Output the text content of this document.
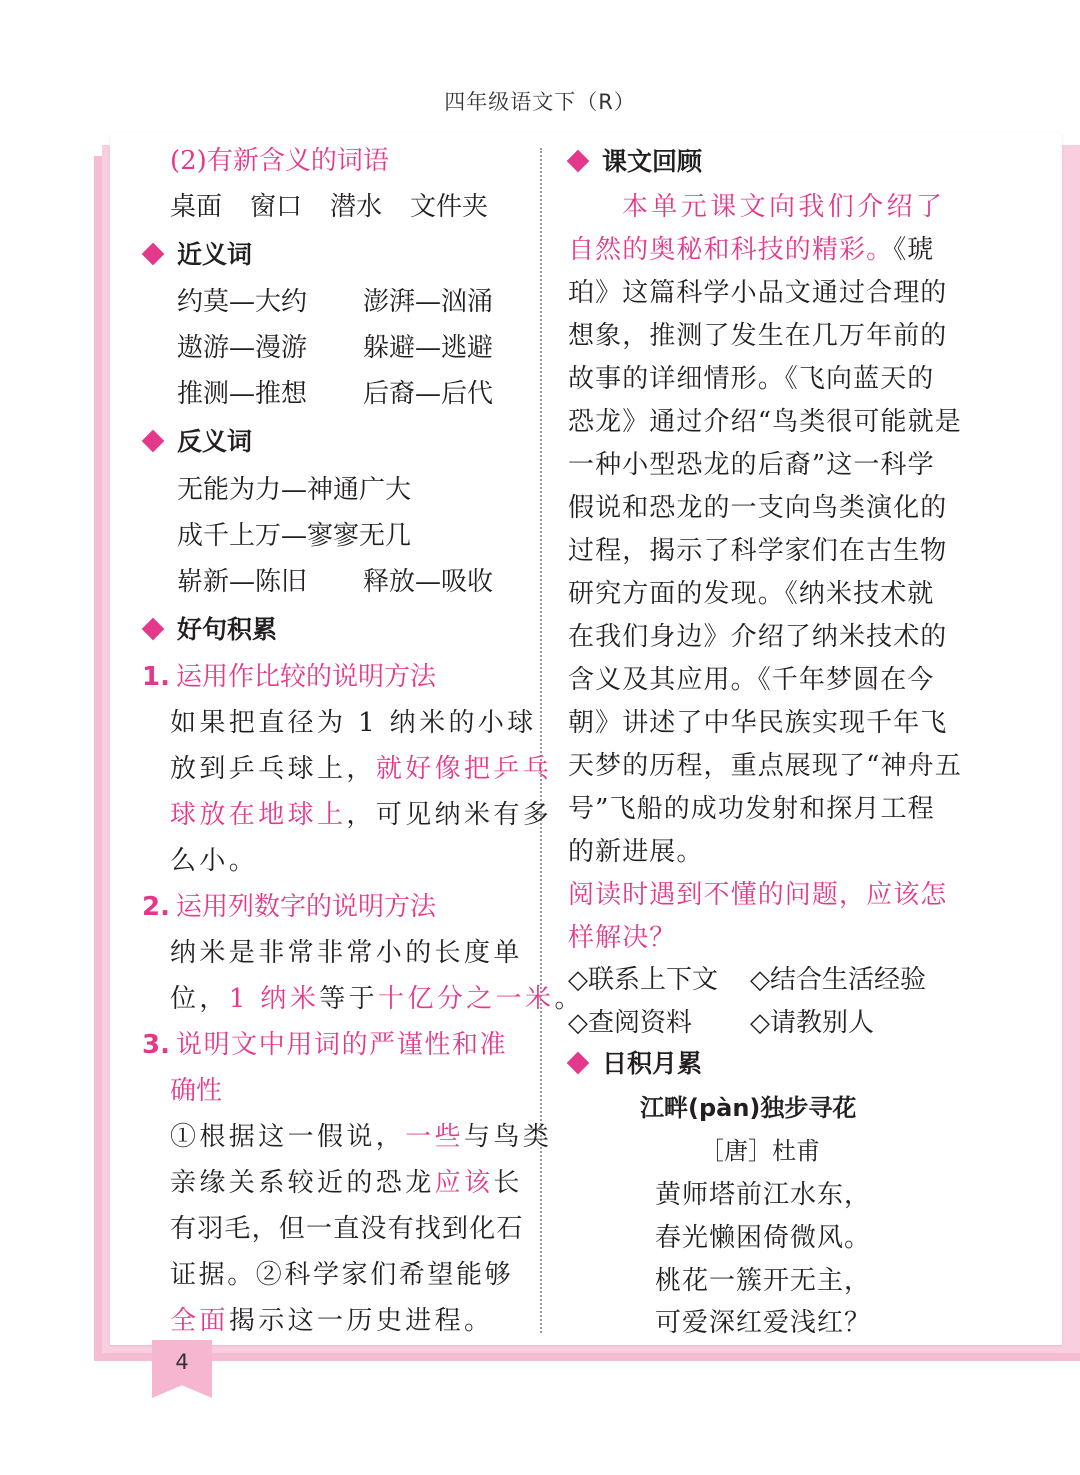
四年级语文下（R）
4
(2)有新含义的词语
桌面 窗口 潜水 文件夹
近义词
约莫—大约 澎湃—汹涌
遨游—漫游 躲避—逃避
推测—推想 后裔—后代
反义词
无能为力—神通广大
成千上万—寥寥无几
崭新—陈旧 释放—吸收
好句积累
1. 运用作比较的说明方法
如果把直径为 1 纳米的小球
放到乒乓球上，就好像把乒乓
球放在地球上，可见纳米有多
么小。
2. 运用列数字的说明方法
纳米是非常非常小的长度单
位，1 纳米等于十亿分之一米。
3. 说明文中用词的严谨性和准
确性
①根据这一假说，一些与鸟类
亲缘关系较近的恐龙应该长
有羽毛，但一直没有找到化石
证据。②科学家们希望能够
全面揭示这一历史进程。
课文回顾
本单元课文向我们介绍了
自然的奥秘和科技的精彩。《琥
珀》这篇科学小品文通过合理的
想象，推测了发生在几万年前的
故事的详细情形。《飞向蓝天的
恐龙》通过介绍“鸟类很可能就是
一种小型恐龙的后裔”这一科学
假说和恐龙的一支向鸟类演化的
过程，揭示了科学家们在古生物
研究方面的发现。《纳米技术就
在我们身边》介绍了纳米技术的
含义及其应用。《千年梦圆在今
朝》讲述了中华民族实现千年飞
天梦的历程，重点展现了“神舟五
号”飞船的成功发射和探月工程
的新进展。
阅读时遇到不懂的问题，应该怎
样解决？
◇联系上下文 ◇结合生活经验
◇查阅资料 ◇请教别人
日积月累
江畔(pàn)独步寻花
［唐］杜甫
黄师塔前江水东，
春光懒困倚微风。
桃花一簇开无主，
可爱深红爱浅红？
